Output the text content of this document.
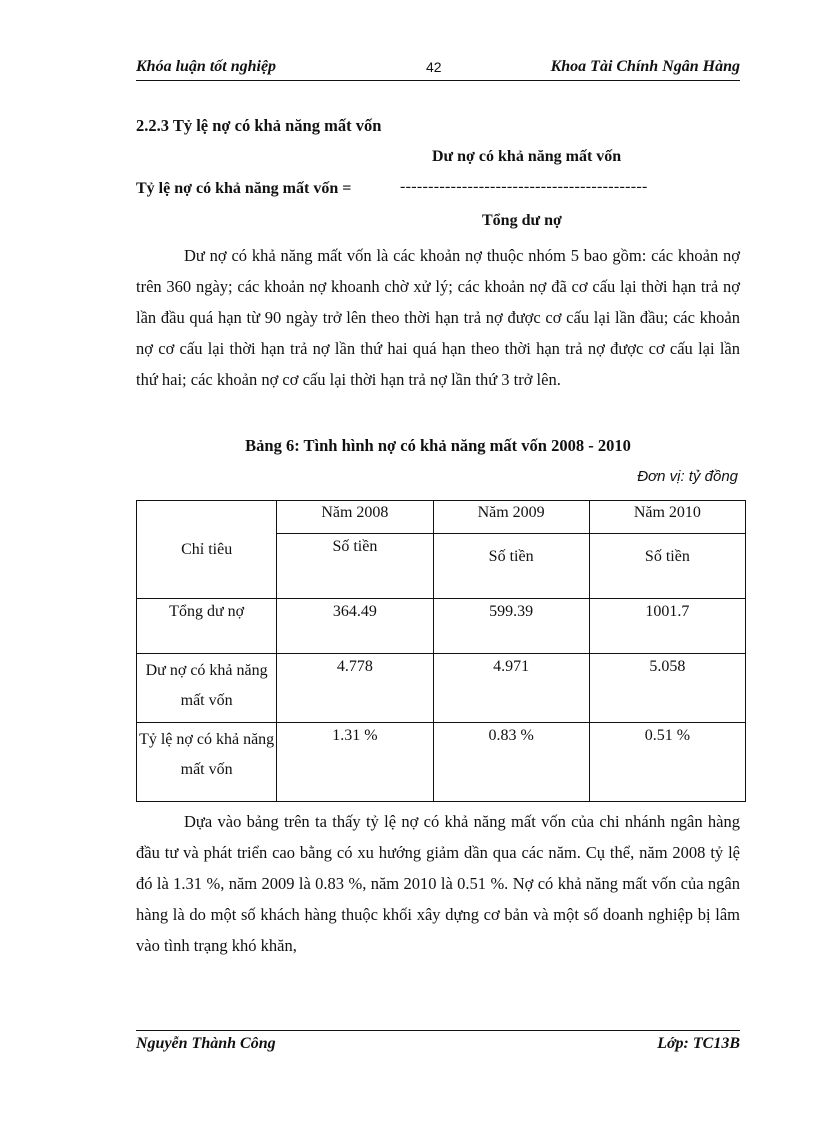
Khóa luận tốt nghiệp	42	Khoa Tài Chính Ngân Hàng
2.2.3 Tỷ lệ nợ có khả năng mất vốn
Dư nợ có khả năng mất vốn
Tỷ lệ nợ có khả năng mất vốn =	--------------------------------------------
Tổng dư nợ

Dư nợ có khả năng mất vốn là các khoản nợ thuộc nhóm 5 bao gồm: các khoản nợ trên 360 ngày; các khoản nợ khoanh chờ xử lý; các khoản nợ đã cơ cấu lại thời hạn trả nợ lần đầu quá hạn từ 90 ngày trở lên theo thời hạn trả nợ được cơ cấu lại lần đầu; các khoản nợ cơ cấu lại thời hạn trả nợ lần thứ hai quá hạn theo thời hạn trả nợ được cơ cấu lại lần thứ hai; các khoản nợ cơ cấu lại thời hạn trả nợ lần thứ 3 trở lên.

Bảng 6: Tình hình nợ có khả năng mất vốn 2008 - 2010
Đơn vị: tỷ đồng
Chỉ tiêu	Năm 2008	Năm 2009	Năm 2010
	Số tiền	Số tiền	Số tiền
Tổng dư nợ	364.49	599.39	1001.7
Dư nợ có khả năng mất vốn	4.778	4.971	5.058
Tỷ lệ nợ có khả năng mất vốn	1.31 %	0.83 %	0.51 %

Dựa vào bảng trên ta thấy tỷ lệ nợ có khả năng mất vốn của chi nhánh ngân hàng đầu tư và phát triển cao bằng có xu hướng giảm dần qua các năm. Cụ thể, năm 2008 tỷ lệ đó là 1.31 %, năm 2009 là 0.83 %, năm 2010 là 0.51 %. Nợ có khả năng mất vốn của ngân hàng là do một số khách hàng thuộc khối xây dựng cơ bản và một số doanh nghiệp bị lâm vào tình trạng khó khăn,

Nguyễn Thành Công	Lớp: TC13B
